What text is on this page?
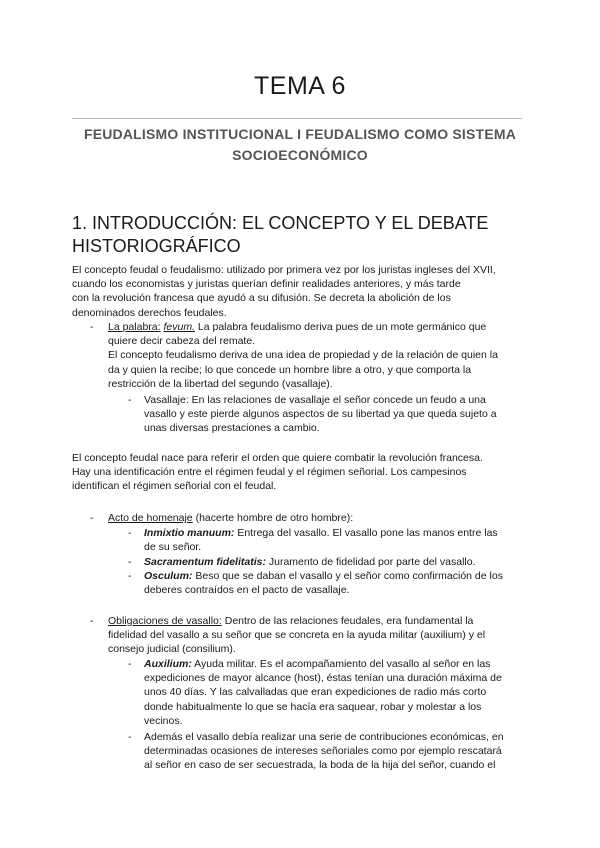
TEMA 6
FEUDALISMO INSTITUCIONAL I FEUDALISMO COMO SISTEMA
SOCIOECONÓMICO
1. INTRODUCCIÓN: EL CONCEPTO Y EL DEBATE
HISTORIOGRÁFICO

El concepto feudal o feudalismo: utilizado por primera vez por los juristas ingleses del XVII,

cuando los economistas y juristas querían definir realidades anteriores, y más tarde

con la revolución francesa que ayudó a su difusión. Se decreta la abolición de los

denominados derechos feudales.

- La palabra: fevum. La palabra feudalismo deriva pues de un mote germánico que

quiere decir cabeza del remate.

El concepto feudalismo deriva de una idea de propiedad y de la relación de quien la

da y quien la recibe; lo que concede un hombre libre a otro, y que comporta la

restricción de la libertad del segundo (vasallaje).

- Vasallaje: En las relaciones de vasallaje el señor concede un feudo a una

vasallo y este pierde algunos aspectos de su libertad ya que queda sujeto a

unas diversas prestaciones a cambio.

El concepto feudal nace para referir el orden que quiere combatir la revolución francesa.

Hay una identificación entre el régimen feudal y el régimen señorial. Los campesinos

identifican el régimen señorial con el feudal.

- Acto de homenaje (hacerte hombre de otro hombre):

- Inmixtio manuum: Entrega del vasallo. El vasallo pone las manos entre las

de su señor.

- Sacramentum fidelitatis: Juramento de fidelidad por parte del vasallo.

- Osculum: Beso que se daban el vasallo y el señor como confirmación de los

deberes contraídos en el pacto de vasallaje.

- Obligaciones de vasallo: Dentro de las relaciones feudales, era fundamental la

fidelidad del vasallo a su señor que se concreta en la ayuda militar (auxilium) y el

consejo judicial (consilium).

- Auxilium: Ayuda militar. Es el acompañamiento del vasallo al señor en las

expediciones de mayor alcance (host), éstas tenían una duración máxima de

unos 40 días. Y las calvalladas que eran expediciones de radio más corto

donde habitualmente lo que se hacía era saquear, robar y molestar a los

vecinos.

- Además el vasallo debía realizar una serie de contribuciones económicas, en

determinadas ocasiones de intereses señoriales como por ejemplo rescatará

al señor en caso de ser secuestrada, la boda de la hija del señor, cuando el
